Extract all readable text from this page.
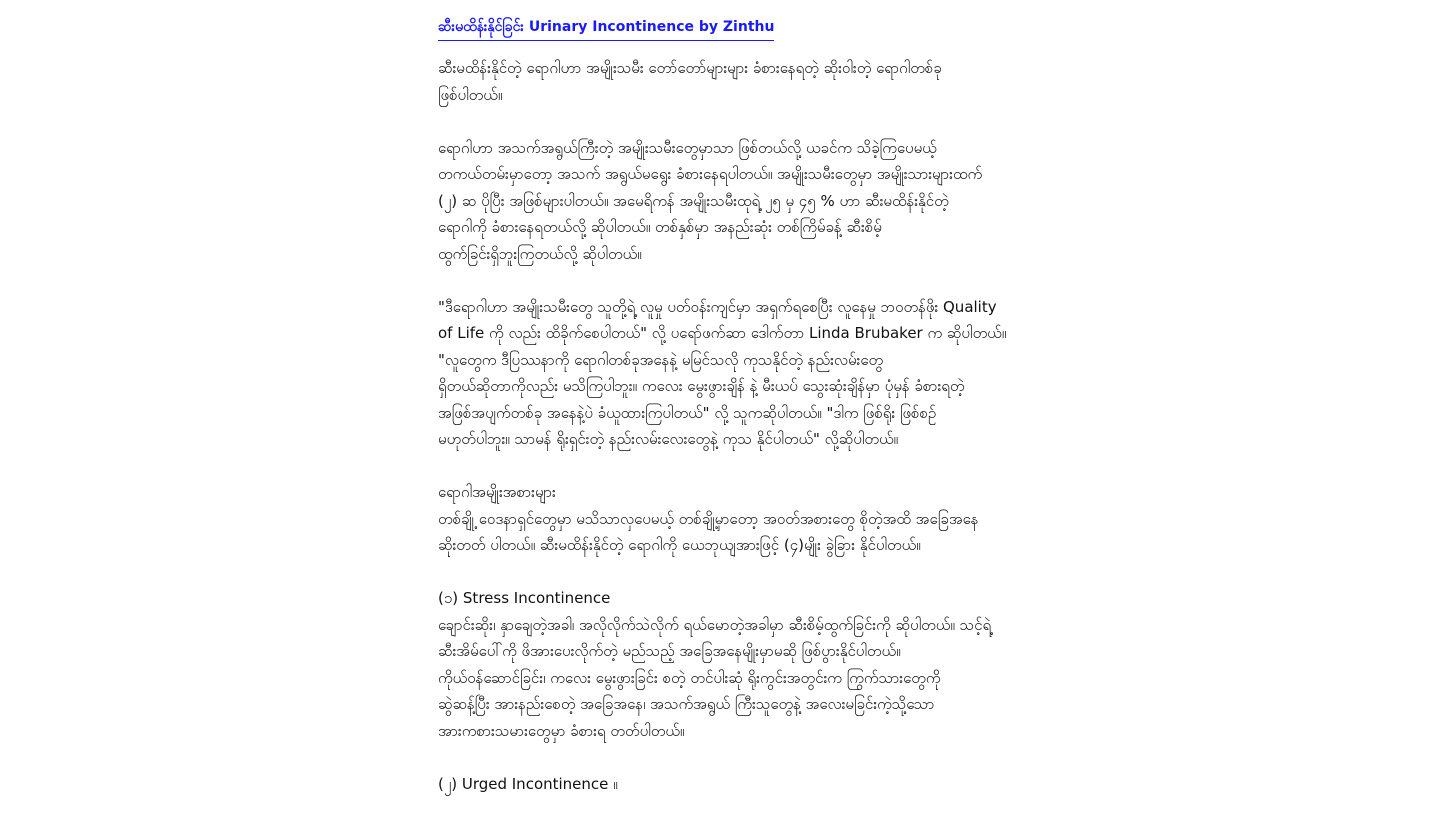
ဆီးမထိန်းနိုင်ခြင်း Urinary Incontinence by Zinthu
ဆီးမထိန်းနိုင်တဲ့ ရောဂါဟာ အမျိုးသမီး တော်တော်များများ ခံစားနေရတဲ့ ဆိုးဝါးတဲ့ ရောဂါတစ်ခု
ဖြစ်ပါတယ်။
ရောဂါဟာ အသက်အရွယ်ကြီးတဲ့ အမျိုးသမီးတွေမှာသာ ဖြစ်တယ်လို့ ယခင်က သိခဲ့ကြပေမယ့်
တကယ်တမ်းမှာတော့ အသက် အရွယ်မရွေး ခံစားနေရပါတယ်။ အမျိုးသမီးတွေမှာ အမျိုးသားများထက်
(၂) ဆ ပိုပြီး အဖြစ်များပါတယ်။ အမေရိကန် အမျိုးသမီးထုရဲ့ ၂၅ မှ ၄၅ % ဟာ ဆီးမထိန်းနိုင်တဲ့
ရောဂါကို ခံစားနေရတယ်လို့ ဆိုပါတယ်။ တစ်နှစ်မှာ အနည်းဆုံး တစ်ကြိမ်ခန့် ဆီးစိမ့်
ထွက်ခြင်းရှိဘူးကြတယ်လို့ ဆိုပါတယ်။
"ဒီရောဂါဟာ အမျိုးသမီးတွေ သူတို့ရဲ့ လူမှု ပတ်ဝန်းကျင်မှာ အရှက်ရစေပြီး လူနေမှု ဘဝတန်ဖိုး Quality
of Life ကို လည်း ထိခိုက်စေပါတယ်" လို့ ပရော်ဖက်ဆာ ဒေါက်တာ Linda Brubaker က ဆိုပါတယ်။
"လူတွေက ဒီပြဿနာကို ရောဂါတစ်ခုအနေနဲ့ မမြင်သလို ကုသနိုင်တဲ့ နည်းလမ်းတွေ
ရှိတယ်ဆိုတာကိုလည်း မသိကြပါဘူး။ ကလေး မွေးဖွားချိန် နဲ့ မီးယပ် သွေးဆုံးချိန်မှာ ပုံမှန် ခံစားရတဲ့
အဖြစ်အပျက်တစ်ခု အနေနဲ့ပဲ ခံယူထားကြပါတယ်" လို့ သူကဆိုပါတယ်။ "ဒါက ဖြစ်ရိုး ဖြစ်စဉ်
မဟုတ်ပါဘူး။ သာမန် ရိုးရှင်းတဲ့ နည်းလမ်းလေးတွေနဲ့ ကုသ နိုင်ပါတယ်" လို့ဆိုပါတယ်။
ရောဂါအမျိုးအစားများ
တစ်ချို့ ဝေဒနာရှင်တွေမှာ မသိသာလှပေမယ့် တစ်ချို့မှာတော့ အဝတ်အစားတွေ စိုတဲ့အထိ အခြေအနေ
ဆိုးတတ် ပါတယ်။ ဆီးမထိန်းနိုင်တဲ့ ရောဂါကို ယေဘုယျအားဖြင့် (၄)မျိုး ခွဲခြား နိုင်ပါတယ်။
(၁) Stress Incontinence
ချောင်းဆိုး၊ နှာချေတဲ့အခါ၊ အလိုလိုက်သဲလိုက် ရယ်မောတဲ့အခါမှာ ဆီးစိမ့်ထွက်ခြင်းကို ဆိုပါတယ်။ သင့်ရဲ့
ဆီးအိမ်ပေါ်ကို ဖိအားပေးလိုက်တဲ့ မည်သည့် အခြေအနေမျိုးမှာမဆို ဖြစ်ပွားနိုင်ပါတယ်။
ကိုယ်ဝန်ဆောင်ခြင်း၊ ကလေး မွေးဖွားခြင်း စတဲ့ တင်ပါးဆုံ ရိုးကွင်းအတွင်းက ကြွက်သားတွေကို
ဆွဲဆန့်ပြီး အားနည်းစေတဲ့ အခြေအနေ၊ အသက်အရွယ် ကြီးသူတွေနဲ့ အလေးမခြင်းကဲ့သို့သော
အားကစားသမားတွေမှာ ခံစားရ တတ်ပါတယ်။
(၂) Urged Incontinence ။
